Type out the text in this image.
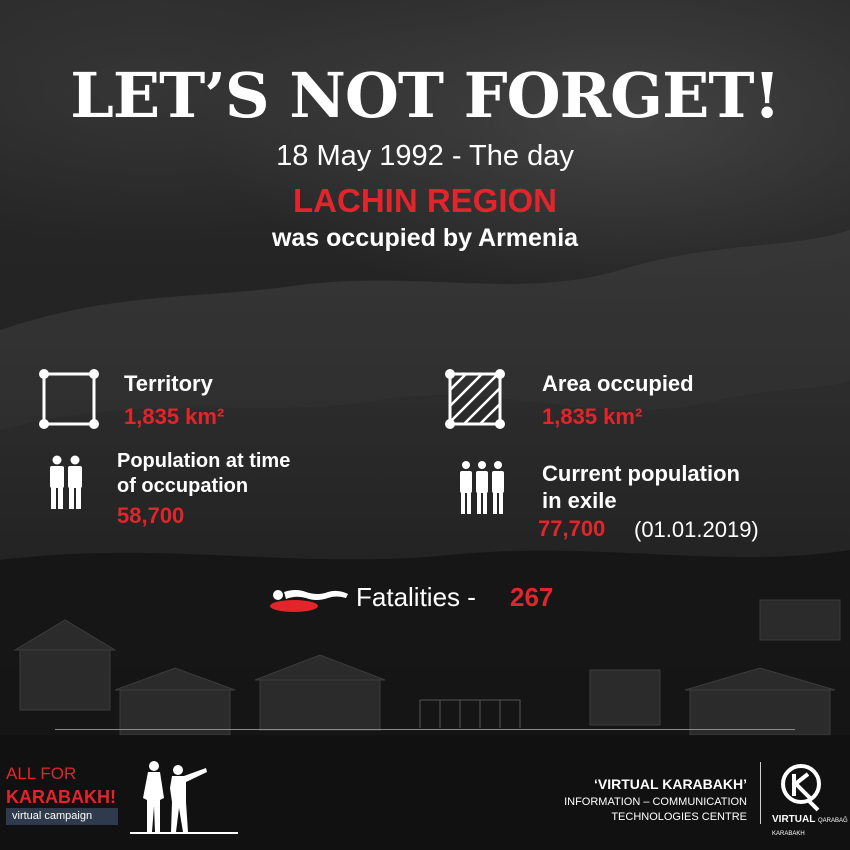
LET’S NOT FORGET!
18 May 1992 - The day
LACHIN REGION
was occupied by Armenia
Territory
1,835 km²
Area occupied
1,835 km²
Population at time
of occupation
58,700
Current population
in exile
77,700 (01.01.2019)
Fatalities - 267
ALL FOR
KARABAKH!
virtual campaign
‘VIRTUAL KARABAKH’
INFORMATION – COMMUNICATION
TECHNOLOGIES CENTRE	VIRTUAL QARABAĞ KARABAKH
